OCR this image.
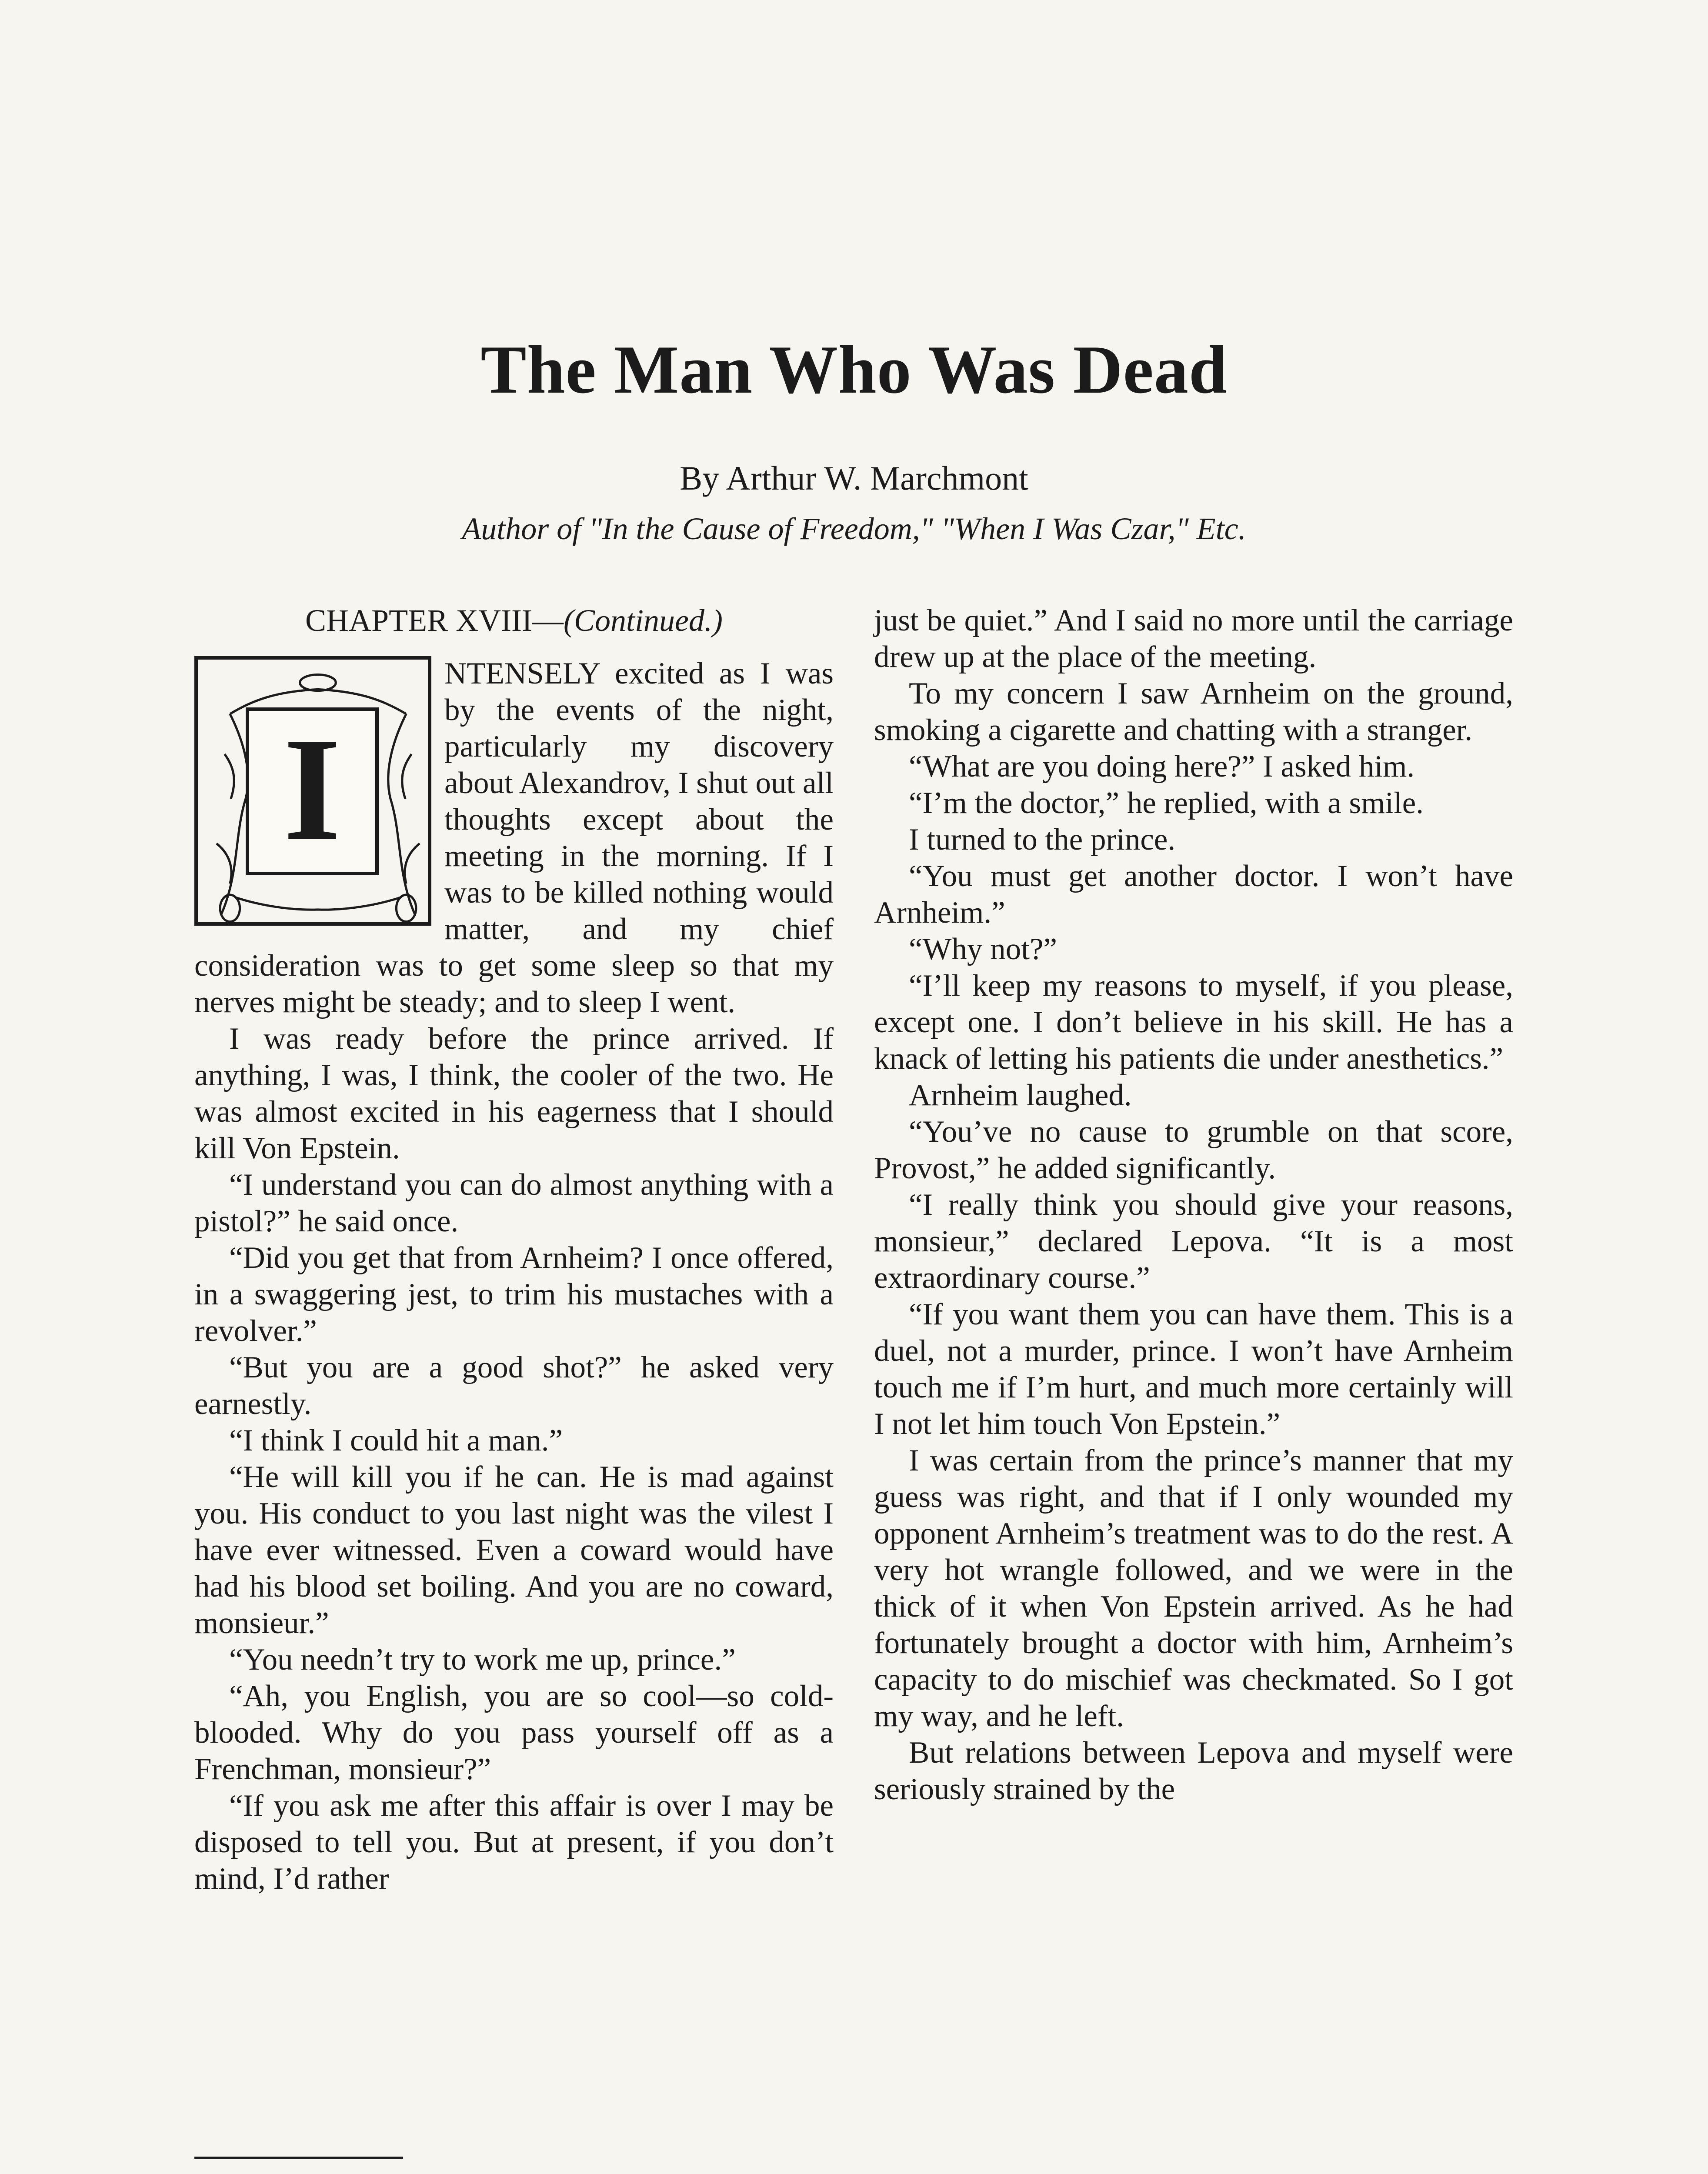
The Man Who Was Dead

By Arthur W. Marchmont

Author of "In the Cause of Freedom," "When I Was Czar," Etc.

CHAPTER XVIII—(Continued.)
I

NTENSELY excited as I was by the events of the night, particularly my discovery about Alexandrov, I shut out all thoughts except about the meeting in the morning. If I was to be killed nothing would matter, and my chief consideration was to get some sleep so that my nerves might be steady; and to sleep I went.

I was ready before the prince arrived. If anything, I was, I think, the cooler of the two. He was almost excited in his eagerness that I should kill Von Epstein.

“I understand you can do almost anything with a pistol?” he said once.

“Did you get that from Arnheim? I once offered, in a swaggering jest, to trim his mustaches with a revolver.”

“But you are a good shot?” he asked very earnestly.

“I think I could hit a man.”

“He will kill you if he can. He is mad against you. His conduct to you last night was the vilest I have ever witnessed. Even a coward would have had his blood set boiling. And you are no coward, monsieur.”

“You needn’t try to work me up, prince.”

“Ah, you English, you are so cool—so cold-blooded. Why do you pass yourself off as a Frenchman, monsieur?”

“If you ask me after this affair is over I may be disposed to tell you. But at present, if you don’t mind, I’d rather

just be quiet.” And I said no more until the carriage drew up at the place of the meeting.

To my concern I saw Arnheim on the ground, smoking a cigarette and chatting with a stranger.

“What are you doing here?” I asked him.

“I’m the doctor,” he replied, with a smile.

I turned to the prince.

“You must get another doctor. I won’t have Arnheim.”

“Why not?”

“I’ll keep my reasons to myself, if you please, except one. I don’t believe in his skill. He has a knack of letting his patients die under anesthetics.”

Arnheim laughed.

“You’ve no cause to grumble on that score, Provost,” he added significantly.

“I really think you should give your reasons, monsieur,” declared Lepova. “It is a most extraordinary course.”

“If you want them you can have them. This is a duel, not a murder, prince. I won’t have Arnheim touch me if I’m hurt, and much more certainly will I not let him touch Von Epstein.”

I was certain from the prince’s manner that my guess was right, and that if I only wounded my opponent Arnheim’s treatment was to do the rest. A very hot wrangle followed, and we were in the thick of it when Von Epstein arrived. As he had fortunately brought a doctor with him, Arnheim’s capacity to do mischief was checkmated. So I got my way, and he left.

But relations between Lepova and myself were seriously strained by the
